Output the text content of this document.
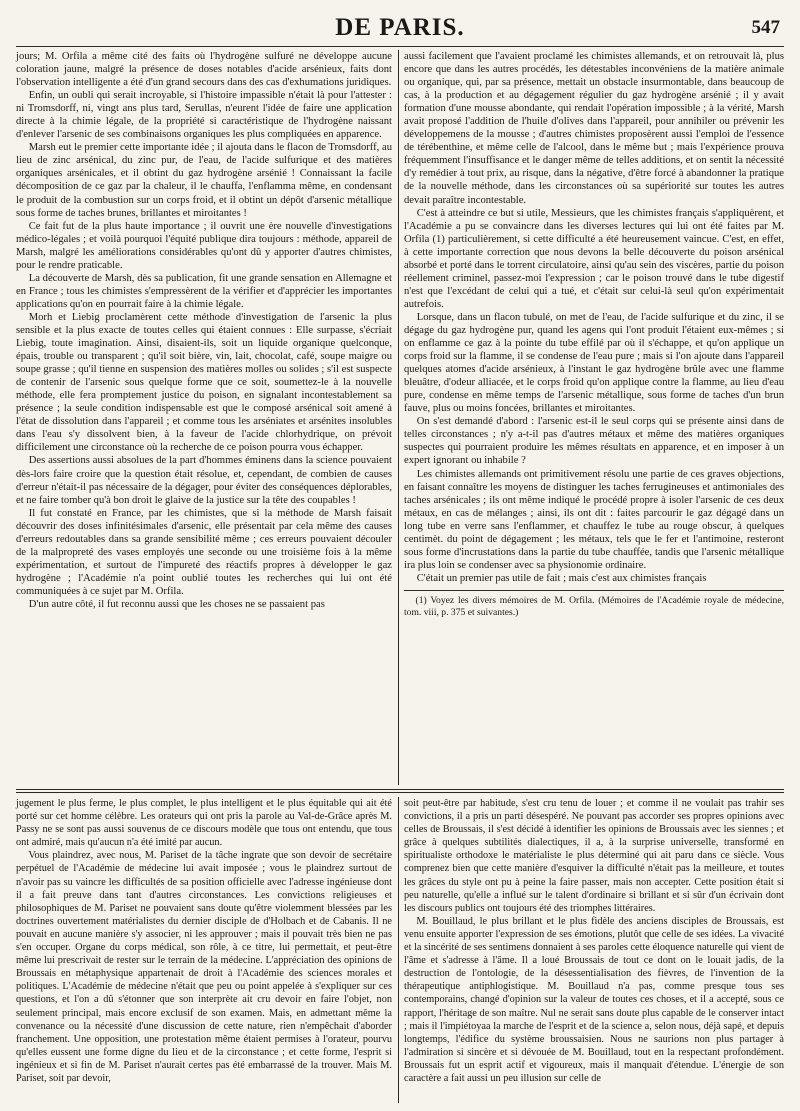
DE PARIS.	547

jours; M. Orfila a même cité des faits où l'hydrogène sulfuré ne développe aucune coloration jaune, malgré la présence de doses notables d'acide arsénieux, faits dont l'observation intelligente a été d'un grand secours dans des cas d'exhumations juridiques.

Enfin, un oubli qui serait incroyable, si l'histoire impassible n'était là pour l'attester : ni Tromsdorff, ni, vingt ans plus tard, Serullas, n'eurent l'idée de faire une application directe à la chimie légale, de la propriété si caractéristique de l'hydrogène naissant d'enlever l'arsenic de ses combinaisons organiques les plus compliquées en apparence.

Marsh eut le premier cette importante idée ; il ajouta dans le flacon de Tromsdorff, au lieu de zinc arsénical, du zinc pur, de l'eau, de l'acide sulfurique et des matières organiques arsénicales, et il obtint du gaz hydrogène arsénié ! Connaissant la facile décomposition de ce gaz par la chaleur, il le chauffa, l'enflamma même, en condensant le produit de la combustion sur un corps froid, et il obtint un dépôt d'arsenic métallique sous forme de taches brunes, brillantes et miroitantes !

Ce fait fut de la plus haute importance ; il ouvrit une ère nouvelle d'investigations médico-légales ; et voilà pourquoi l'équité publique dira toujours : méthode, appareil de Marsh, malgré les améliorations considérables qu'ont dû y apporter d'autres chimistes, pour le rendre praticable.

La découverte de Marsh, dès sa publication, fit une grande sensation en Allemagne et en France ; tous les chimistes s'empressèrent de la vérifier et d'apprécier les importantes applications qu'on en pourrait faire à la chimie légale.

Morh et Liebig proclamèrent cette méthode d'investigation de l'arsenic la plus sensible et la plus exacte de toutes celles qui étaient connues : Elle surpasse, s'écriait Liebig, toute imagination. Ainsi, disaient-ils, soit un liquide organique quelconque, épais, trouble ou transparent ; qu'il soit bière, vin, lait, chocolat, café, soupe maigre ou soupe grasse ; qu'il tienne en suspension des matières molles ou solides ; s'il est suspecte de contenir de l'arsenic sous quelque forme que ce soit, soumettez-le à la nouvelle méthode, elle fera promptement justice du poison, en signalant incontestablement sa présence ; la seule condition indispensable est que le composé arsénical soit amené à l'état de dissolution dans l'appareil ; et comme tous les arséniates et arsénites insolubles dans l'eau s'y dissolvent bien, à la faveur de l'acide chlorhydrique, on prévoit difficilement une circonstance où la recherche de ce poison pourra vous échapper.

Des assertions aussi absolues de la part d'hommes éminens dans la science pouvaient dès-lors faire croire que la question était résolue, et, cependant, de combien de causes d'erreur n'était-il pas nécessaire de la dégager, pour éviter des conséquences déplorables, et ne faire tomber qu'à bon droit le glaive de la justice sur la tête des coupables !

Il fut constaté en France, par les chimistes, que si la méthode de Marsh faisait découvrir des doses infinitésimales d'arsenic, elle présentait par cela même des causes d'erreurs redoutables dans sa grande sensibilité même ; ces erreurs pouvaient découler de la malpropreté des vases employés une seconde ou une troisième fois à la même expérimentation, et surtout de l'impureté des réactifs propres à développer le gaz hydrogène ; l'Académie n'a point oublié toutes les recherches qui lui ont été communiquées à ce sujet par M. Orfila.

D'un autre côté, il fut reconnu aussi que les choses ne se passaient pas

aussi facilement que l'avaient proclamé les chimistes allemands, et on retrouvait là, plus encore que dans les autres procédés, les détestables inconvéniens de la matière animale ou organique, qui, par sa présence, mettait un obstacle insurmontable, dans beaucoup de cas, à la production et au dégagement régulier du gaz hydrogène arsénié ; il y avait formation d'une mousse abondante, qui rendait l'opération impossible ; à la vérité, Marsh avait proposé l'addition de l'huile d'olives dans l'appareil, pour annihiler ou prévenir les développemens de la mousse ; d'autres chimistes proposèrent aussi l'emploi de l'essence de térébenthine, et même celle de l'alcool, dans le même but ; mais l'expérience prouva fréquemment l'insuffisance et le danger même de telles additions, et on sentit la nécessité d'y remédier à tout prix, au risque, dans la négative, d'être forcé à abandonner la pratique de la nouvelle méthode, dans les circonstances où sa supériorité sur toutes les autres devait paraître incontestable.

C'est à atteindre ce but si utile, Messieurs, que les chimistes français s'appliquèrent, et l'Académie a pu se convaincre dans les diverses lectures qui lui ont été faites par M. Orfila (1) particulièrement, si cette difficulté a été heureusement vaincue. C'est, en effet, à cette importante correction que nous devons la belle découverte du poison arsénical absorbé et porté dans le torrent circulatoire, ainsi qu'au sein des viscères, partie du poison réellement criminel, passez-moi l'expression ; car le poison trouvé dans le tube digestif n'est que l'excédant de celui qui a tué, et c'était sur celui-là seul qu'on expérimentait autrefois.

Lorsque, dans un flacon tubulé, on met de l'eau, de l'acide sulfurique et du zinc, il se dégage du gaz hydrogène pur, quand les agens qui l'ont produit l'étaient eux-mêmes ; si on enflamme ce gaz à la pointe du tube effilé par où il s'échappe, et qu'on applique un corps froid sur la flamme, il se condense de l'eau pure ; mais si l'on ajoute dans l'appareil quelques atomes d'acide arsénieux, à l'instant le gaz hydrogène brûle avec une flamme bleuâtre, d'odeur alliacée, et le corps froid qu'on applique contre la flamme, au lieu d'eau pure, condense en même temps de l'arsenic métallique, sous forme de taches d'un brun fauve, plus ou moins foncées, brillantes et miroitantes.

On s'est demandé d'abord : l'arsenic est-il le seul corps qui se présente ainsi dans de telles circonstances ; n'y a-t-il pas d'autres métaux et même des matières organiques suspectes qui pourraient produire les mêmes résultats en apparence, et en imposer à un expert ignorant ou inhabile ?

Les chimistes allemands ont primitivement résolu une partie de ces graves objections, en faisant connaître les moyens de distinguer les taches ferrugineuses et antimoniales des taches arsénicales ; ils ont même indiqué le procédé propre à isoler l'arsenic de ces deux métaux, en cas de mélanges ; ainsi, ils ont dit : faites parcourir le gaz dégagé dans un long tube en verre sans l'enflammer, et chauffez le tube au rouge obscur, à quelques centimèt. du point de dégagement ; les métaux, tels que le fer et l'antimoine, resteront sous forme d'incrustations dans la partie du tube chauffée, tandis que l'arsenic métallique ira plus loin se condenser avec sa physionomie ordinaire.

C'était un premier pas utile de fait ; mais c'est aux chimistes français

(1) Voyez les divers mémoires de M. Orfila. (Mémoires de l'Académie royale de médecine, tom. viii, p. 375 et suivantes.)

jugement le plus ferme, le plus complet, le plus intelligent et le plus équitable qui ait été porté sur cet homme célèbre. Les orateurs qui ont pris la parole au Val-de-Grâce après M. Passy ne se sont pas aussi souvenus de ce discours modèle que tous ont entendu, que tous ont admiré, mais qu'aucun n'a été imité par aucun.

Vous plaindrez, avec nous, M. Pariset de la tâche ingrate que son devoir de secrétaire perpétuel de l'Académie de médecine lui avait imposée ; vous le plaindrez surtout de n'avoir pas su vaincre les difficultés de sa position officielle avec l'adresse ingénieuse dont il a fait preuve dans tant d'autres circonstances. Les convictions religieuses et philosophiques de M. Pariset ne pouvaient sans doute qu'être violemment blessées par les doctrines ouvertement matérialistes du dernier disciple de d'Holbach et de Cabanis. Il ne pouvait en aucune manière s'y associer, ni les approuver ; mais il pouvait très bien ne pas s'en occuper. Organe du corps médical, son rôle, à ce titre, lui permettait, et peut-être même lui prescrivait de rester sur le terrain de la médecine. L'appréciation des opinions de Broussais en métaphysique appartenait de droit à l'Académie des sciences morales et politiques. L'Académie de médecine n'était que peu ou point appelée à s'expliquer sur ces questions, et l'on a dû s'étonner que son interprète ait cru devoir en faire l'objet, non seulement principal, mais encore exclusif de son examen. Mais, en admettant même la convenance ou la nécessité d'une discussion de cette nature, rien n'empêchait d'aborder franchement. Une opposition, une protestation même étaient permises à l'orateur, pourvu qu'elles eussent une forme digne du lieu et de la circonstance ; et cette forme, l'esprit si ingénieux et si fin de M. Pariset n'aurait certes pas été embarrassé de la trouver. Mais M. Pariset, soit par devoir,

soit peut-être par habitude, s'est cru tenu de louer ; et comme il ne voulait pas trahir ses convictions, il a pris un parti désespéré. Ne pouvant pas accorder ses propres opinions avec celles de Broussais, il s'est décidé à identifier les opinions de Broussais avec les siennes ; et grâce à quelques subtilités dialectiques, il a, à la surprise universelle, transformé en spiritualiste orthodoxe le matérialiste le plus déterminé qui ait paru dans ce siècle. Vous comprenez bien que cette manière d'esquiver la difficulté n'était pas la meilleure, et toutes les grâces du style ont pu à peine la faire passer, mais non accepter. Cette position était si peu naturelle, qu'elle a influé sur le talent d'ordinaire si brillant et si sûr d'un écrivain dont les discours publics ont toujours été des triomphes littéraires.

M. Bouillaud, le plus brillant et le plus fidèle des anciens disciples de Broussais, est venu ensuite apporter l'expression de ses émotions, plutôt que celle de ses idées. La vivacité et la sincérité de ses sentimens donnaient à ses paroles cette éloquence naturelle qui vient de l'âme et s'adresse à l'âme. Il a loué Broussais de tout ce dont on le louait jadis, de la destruction de l'ontologie, de la désessentialisation des fièvres, de l'invention de la thérapeutique antiphlogistique. M. Bouillaud n'a pas, comme presque tous ses contemporains, changé d'opinion sur la valeur de toutes ces choses, et il a accepté, sous ce rapport, l'héritage de son maître. Nul ne serait sans doute plus capable de le conserver intact ; mais il l'impiétoyaa la marche de l'esprit et de la science a, selon nous, déjà sapé, et depuis longtemps, l'édifice du système broussaisien. Nous ne saurions non plus partager à l'admiration si sincère et si dévouée de M. Bouillaud, tout en la respectant profondément. Broussais fut un esprit actif et vigoureux, mais il manquait d'étendue. L'énergie de son caractère a fait aussi un peu illusion sur celle de
